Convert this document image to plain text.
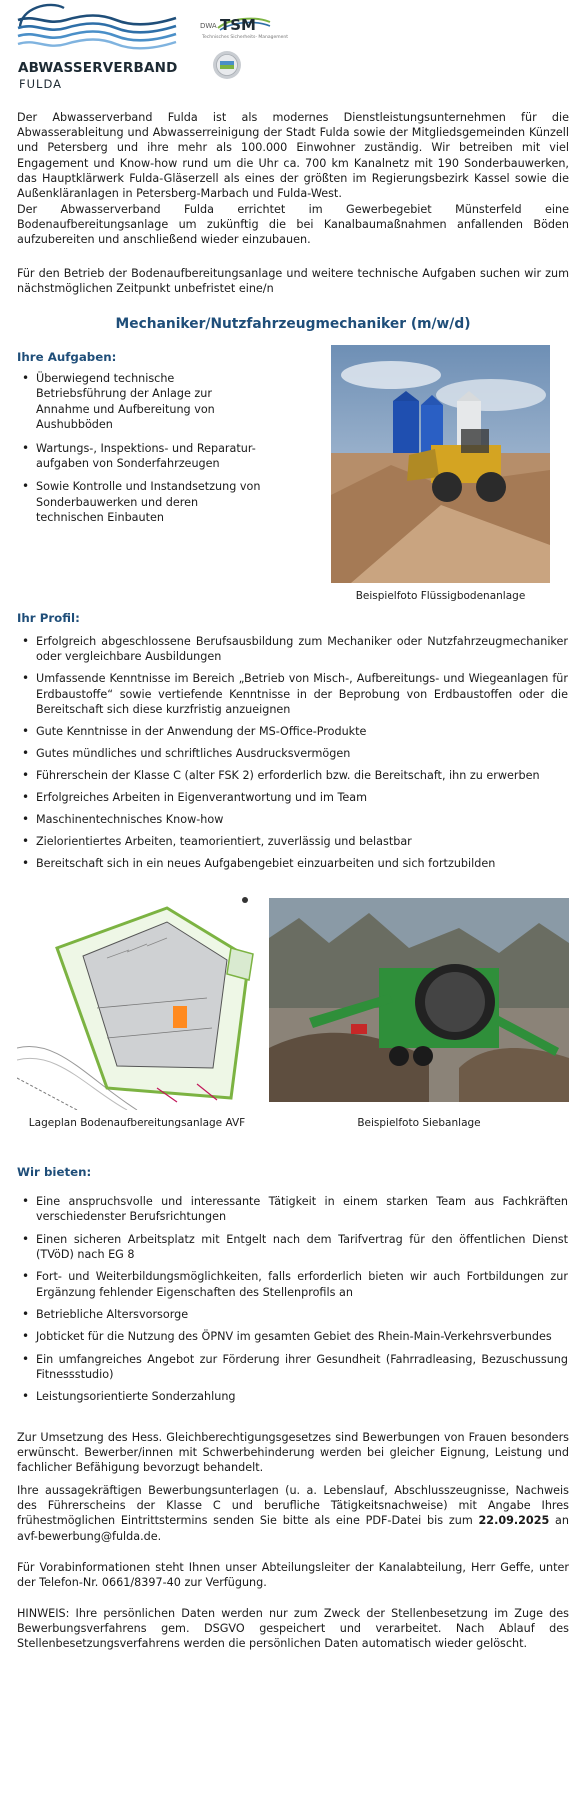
ABWASSERVERBAND
FULDA
DWA TSM
Technisches Sicherheits- Management

Der Abwasserverband Fulda ist als modernes Dienstleistungsunternehmen für die Abwasserableitung und Abwasserreinigung der Stadt Fulda sowie der Mitgliedsgemeinden Künzell und Petersberg und ihre mehr als 100.000 Einwohner zuständig. Wir betreiben mit viel Engagement und Know-how rund um die Uhr ca. 700 km Kanalnetz mit 190 Sonderbauwerken, das Hauptklärwerk Fulda-Gläserzell als eines der größten im Regierungsbezirk Kassel sowie die Außenkläranlagen in Petersberg-Marbach und Fulda-West.

Der Abwasserverband Fulda errichtet im Gewerbegebiet Münsterfeld eine Bodenaufbereitungsanlage um zukünftig die bei Kanalbaumaßnahmen anfallenden Böden aufzubereiten und anschließend wieder einzubauen.

Für den Betrieb der Bodenaufbereitungsanlage und weitere technische Aufgaben suchen wir zum nächstmöglichen Zeitpunkt unbefristet eine/n

Mechaniker/Nutzfahrzeugmechaniker (m/w/d)
Ihre Aufgaben:
• Überwiegend technische Betriebsführung der Anlage zur Annahme und Aufbereitung von Aushubböden
• Wartungs-, Inspektions- und Reparatur-aufgaben von Sonderfahrzeugen
• Sowie Kontrolle und Instandsetzung von Sonderbauwerken und deren technischen Einbauten

Beispielfoto Flüssigbodenanlage

Ihr Profil:
• Erfolgreich abgeschlossene Berufsausbildung zum Mechaniker oder Nutzfahrzeugmechaniker oder vergleichbare Ausbildungen
• Umfassende Kenntnisse im Bereich „Betrieb von Misch-, Aufbereitungs- und Wiegeanlagen für Erdbaustoffe“ sowie vertiefende Kenntnisse in der Beprobung von Erdbaustoffen oder die Bereitschaft sich diese kurzfristig anzueignen
• Gute Kenntnisse in der Anwendung der MS-Office-Produkte
• Gutes mündliches und schriftliches Ausdrucksvermögen
• Führerschein der Klasse C (alter FSK 2) erforderlich bzw. die Bereitschaft, ihn zu erwerben
• Erfolgreiches Arbeiten in Eigenverantwortung und im Team
• Maschinentechnisches Know-how
• Zielorientiertes Arbeiten, teamorientiert, zuverlässig und belastbar
• Bereitschaft sich in ein neues Aufgabengebiet einzuarbeiten und sich fortzubilden

Lageplan Bodenaufbereitungsanlage AVF	Beispielfoto Siebanlage

Wir bieten:
• Eine anspruchsvolle und interessante Tätigkeit in einem starken Team aus Fachkräften verschiedenster Berufsrichtungen
• Einen sicheren Arbeitsplatz mit Entgelt nach dem Tarifvertrag für den öffentlichen Dienst (TVöD) nach EG 8
• Fort- und Weiterbildungsmöglichkeiten, falls erforderlich bieten wir auch Fortbildungen zur Ergänzung fehlender Eigenschaften des Stellenprofils an
• Betriebliche Altersvorsorge
• Jobticket für die Nutzung des ÖPNV im gesamten Gebiet des Rhein-Main-Verkehrsverbundes
• Ein umfangreiches Angebot zur Förderung ihrer Gesundheit (Fahrradleasing, Bezuschussung Fitnessstudio)
• Leistungsorientierte Sonderzahlung

Zur Umsetzung des Hess. Gleichberechtigungsgesetzes sind Bewerbungen von Frauen besonders erwünscht. Bewerber/innen mit Schwerbehinderung werden bei gleicher Eignung, Leistung und fachlicher Befähigung bevorzugt behandelt.

Ihre aussagekräftigen Bewerbungsunterlagen (u. a. Lebenslauf, Abschlusszeugnisse, Nachweis des Führerscheins der Klasse C und berufliche Tätigkeitsnachweise) mit Angabe Ihres frühestmöglichen Eintrittstermins senden Sie bitte als eine PDF-Datei bis zum 22.09.2025 an avf-bewerbung@fulda.de.

Für Vorabinformationen steht Ihnen unser Abteilungsleiter der Kanalabteilung, Herr Geffe, unter der Telefon-Nr. 0661/8397-40 zur Verfügung.

HINWEIS: Ihre persönlichen Daten werden nur zum Zweck der Stellenbesetzung im Zuge des Bewerbungsverfahrens gem. DSGVO gespeichert und verarbeitet. Nach Ablauf des Stellenbesetzungsverfahrens werden die persönlichen Daten automatisch wieder gelöscht.
